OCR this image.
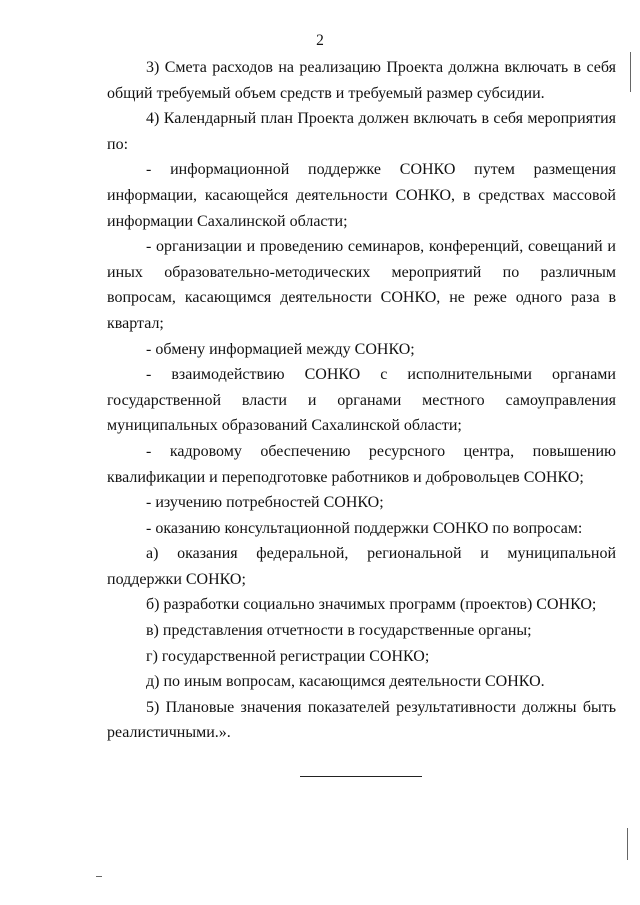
2

3) Смета расходов на реализацию Проекта должна включать в себя общий требуемый объем средств и требуемый размер субсидии.

4) Календарный план Проекта должен включать в себя мероприятия по:

- информационной поддержке СОНКО путем размещения информации, касающейся деятельности СОНКО, в средствах массовой информации Сахалинской области;

- организации и проведению семинаров, конференций, совещаний и иных образовательно-методических мероприятий по различным вопросам, касающимся деятельности СОНКО, не реже одного раза в квартал;

- обмену информацией между СОНКО;

- взаимодействию СОНКО с исполнительными органами государственной власти и органами местного самоуправления муниципальных образований Сахалинской области;

- кадровому обеспечению ресурсного центра, повышению квалификации и переподготовке работников и добровольцев СОНКО;

- изучению потребностей СОНКО;

- оказанию консультационной поддержки СОНКО по вопросам:

а) оказания федеральной, региональной и муниципальной поддержки СОНКО;

б) разработки социально значимых программ (проектов) СОНКО;

в) представления отчетности в государственные органы;

г) государственной регистрации СОНКО;

д) по иным вопросам, касающимся деятельности СОНКО.

5) Плановые значения показателей результативности должны быть реалистичными.».
